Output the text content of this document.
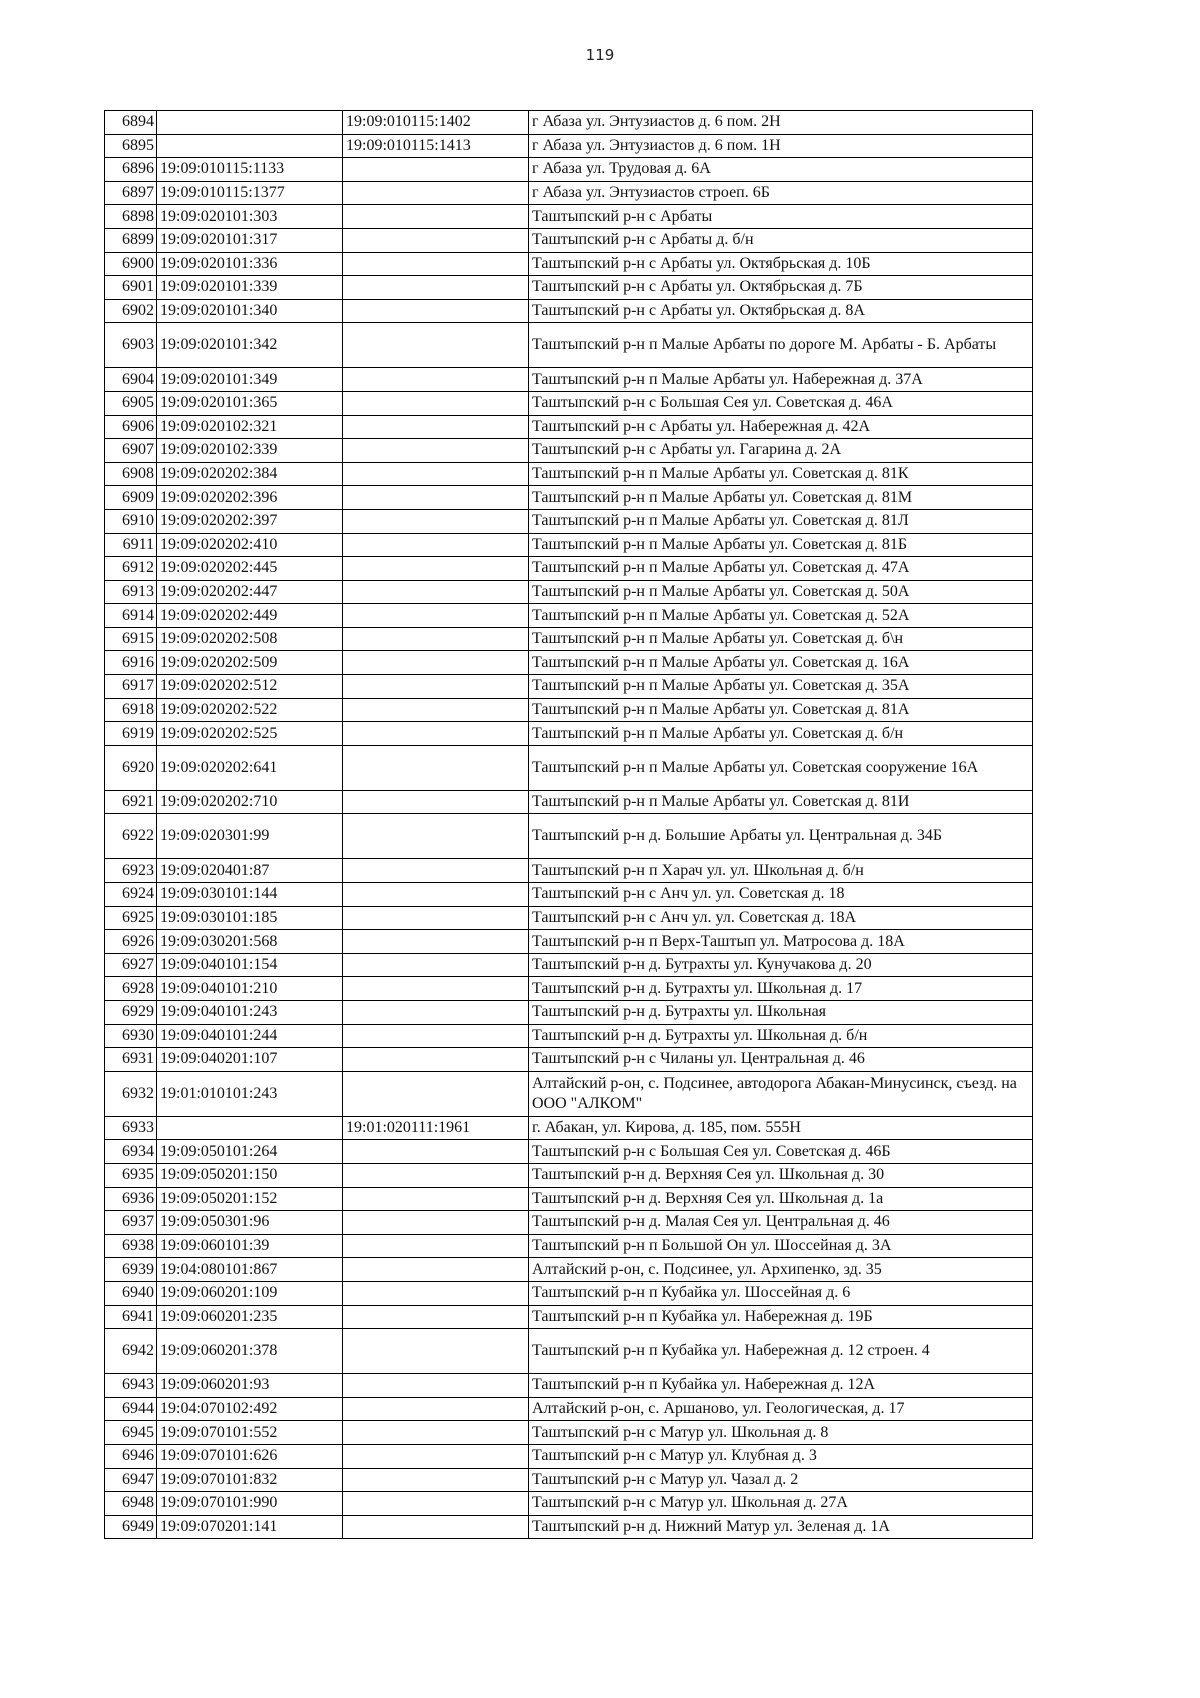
119
6894		19:09:010115:1402	г Абаза ул. Энтузиастов д. 6 пом. 2Н
6895		19:09:010115:1413	г Абаза ул. Энтузиастов д. 6 пом. 1Н
6896	19:09:010115:1133		г Абаза ул. Трудовая д. 6А
6897	19:09:010115:1377		г Абаза ул. Энтузиастов строеп. 6Б
6898	19:09:020101:303		Таштыпский р-н с Арбаты
6899	19:09:020101:317		Таштыпский р-н с Арбаты д. б/н
6900	19:09:020101:336		Таштыпский р-н с Арбаты ул. Октябрьская д. 10Б
6901	19:09:020101:339		Таштыпский р-н с Арбаты ул. Октябрьская д. 7Б
6902	19:09:020101:340		Таштыпский р-н с Арбаты ул. Октябрьская д. 8А
6903	19:09:020101:342		Таштыпский р-н п Малые Арбаты по дороге М. Арбаты - Б. Арбаты
6904	19:09:020101:349		Таштыпский р-н п Малые Арбаты ул. Набережная д. 37А
6905	19:09:020101:365		Таштыпский р-н с Большая Сея ул. Советская д. 46А
6906	19:09:020102:321		Таштыпский р-н с Арбаты ул. Набережная д. 42А
6907	19:09:020102:339		Таштыпский р-н с Арбаты ул. Гагарина д. 2А
6908	19:09:020202:384		Таштыпский р-н п Малые Арбаты ул. Советская д. 81К
6909	19:09:020202:396		Таштыпский р-н п Малые Арбаты ул. Советская д. 81М
6910	19:09:020202:397		Таштыпский р-н п Малые Арбаты ул. Советская д. 81Л
6911	19:09:020202:410		Таштыпский р-н п Малые Арбаты ул. Советская д. 81Б
6912	19:09:020202:445		Таштыпский р-н п Малые Арбаты ул. Советская д. 47А
6913	19:09:020202:447		Таштыпский р-н п Малые Арбаты ул. Советская д. 50А
6914	19:09:020202:449		Таштыпский р-н п Малые Арбаты ул. Советская д. 52А
6915	19:09:020202:508		Таштыпский р-н п Малые Арбаты ул. Советская д. б\н
6916	19:09:020202:509		Таштыпский р-н п Малые Арбаты ул. Советская д. 16А
6917	19:09:020202:512		Таштыпский р-н п Малые Арбаты ул. Советская д. 35А
6918	19:09:020202:522		Таштыпский р-н п Малые Арбаты ул. Советская д. 81А
6919	19:09:020202:525		Таштыпский р-н п Малые Арбаты ул. Советская д. б/н
6920	19:09:020202:641		Таштыпский р-н п Малые Арбаты ул. Советская сооружение 16А
6921	19:09:020202:710		Таштыпский р-н п Малые Арбаты ул. Советская д. 81И
6922	19:09:020301:99		Таштыпский р-н д. Большие Арбаты ул. Центральная д. 34Б
6923	19:09:020401:87		Таштыпский р-н п Харач ул. ул. Школьная д. б/н
6924	19:09:030101:144		Таштыпский р-н с Анч ул. ул. Советская д. 18
6925	19:09:030101:185		Таштыпский р-н с Анч ул. ул. Советская д. 18А
6926	19:09:030201:568		Таштыпский р-н п Верх-Таштып ул. Матросова д. 18А
6927	19:09:040101:154		Таштыпский р-н д. Бутрахты ул. Кунучакова д. 20
6928	19:09:040101:210		Таштыпский р-н д. Бутрахты ул. Школьная д. 17
6929	19:09:040101:243		Таштыпский р-н д. Бутрахты ул. Школьная
6930	19:09:040101:244		Таштыпский р-н д. Бутрахты ул. Школьная д. б/н
6931	19:09:040201:107		Таштыпский р-н с Чиланы ул. Центральная д. 46
6932	19:01:010101:243		Алтайский р-он, с. Подсинее, автодорога Абакан-Минусинск, съезд. на ООО "АЛКОМ"
6933		19:01:020111:1961	г. Абакан, ул. Кирова, д. 185, пом. 555Н
6934	19:09:050101:264		Таштыпский р-н с Большая Сея ул. Советская д. 46Б
6935	19:09:050201:150		Таштыпский р-н д. Верхняя Сея ул. Школьная д. 30
6936	19:09:050201:152		Таштыпский р-н д. Верхняя Сея ул. Школьная д. 1а
6937	19:09:050301:96		Таштыпский р-н д. Малая Сея ул. Центральная д. 46
6938	19:09:060101:39		Таштыпский р-н п Большой Он ул. Шоссейная д. 3А
6939	19:04:080101:867		Алтайский р-он, с. Подсинее, ул. Архипенко, зд. 35
6940	19:09:060201:109		Таштыпский р-н п Кубайка ул. Шоссейная д. 6
6941	19:09:060201:235		Таштыпский р-н п Кубайка ул. Набережная д. 19Б
6942	19:09:060201:378		Таштыпский р-н п Кубайка ул. Набережная д. 12 строен. 4
6943	19:09:060201:93		Таштыпский р-н п Кубайка ул. Набережная д. 12А
6944	19:04:070102:492		Алтайский р-он, с. Аршаново, ул. Геологическая, д. 17
6945	19:09:070101:552		Таштыпский р-н с Матур ул. Школьная д. 8
6946	19:09:070101:626		Таштыпский р-н с Матур ул. Клубная д. 3
6947	19:09:070101:832		Таштыпский р-н с Матур ул. Чазал д. 2
6948	19:09:070101:990		Таштыпский р-н с Матур ул. Школьная д. 27А
6949	19:09:070201:141		Таштыпский р-н д. Нижний Матур ул. Зеленая д. 1А
